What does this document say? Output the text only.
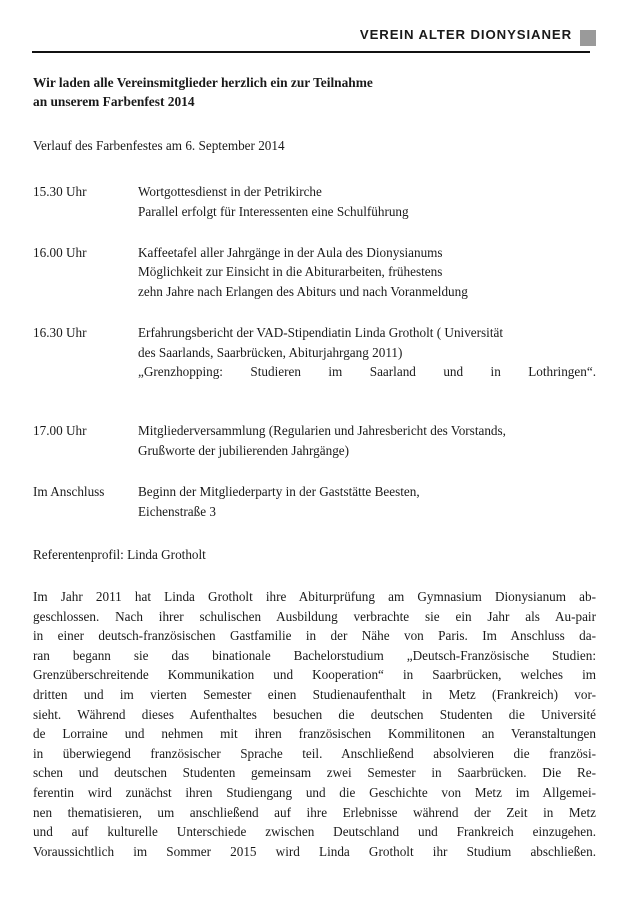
VEREIN ALTER DIONYSIANER
Wir laden alle Vereinsmitglieder herzlich ein zur Teilnahme
an unserem Farbenfest 2014
Verlauf des Farbenfestes am 6. September 2014
15.30 Uhr	Wortgottesdienst in der Petrikirche
Parallel erfolgt für Interessenten eine Schulführung
16.00 Uhr	Kaffeetafel aller Jahrgänge in der Aula des Dionysianums
Möglichkeit zur Einsicht in die Abiturarbeiten, frühestens
zehn Jahre nach Erlangen des Abiturs und nach Voranmeldung
16.30 Uhr	Erfahrungsbericht der VAD-Stipendiatin Linda Grotholt ( Universität
des Saarlands, Saarbrücken, Abiturjahrgang 2011)
„Grenzhopping: Studieren im Saarland und in Lothringen“.
17.00 Uhr	Mitgliederversammlung (Regularien und Jahresbericht des Vorstands,
Grußworte der jubilierenden Jahrgänge)
Im Anschluss	Beginn der Mitgliederparty in der Gaststätte Beesten,
Eichenstraße 3
Referentenprofil: Linda Grotholt
Im Jahr 2011 hat Linda Grotholt ihre Abiturprüfung am Gymnasium Dionysianum ab-
geschlossen. Nach ihrer schulischen Ausbildung verbrachte sie ein Jahr als Au-pair
in einer deutsch-französischen Gastfamilie in der Nähe von Paris. Im Anschluss da-
ran begann sie das binationale Bachelorstudium „Deutsch-Französische Studien:
Grenzüberschreitende Kommunikation und Kooperation“ in Saarbrücken, welches im
dritten und im vierten Semester einen Studienaufenthalt in Metz (Frankreich) vor-
sieht. Während dieses Aufenthaltes besuchen die deutschen Studenten die Université
de Lorraine und nehmen mit ihren französischen Kommilitonen an Veranstaltungen
in überwiegend französischer Sprache teil. Anschließend absolvieren die französi-
schen und deutschen Studenten gemeinsam zwei Semester in Saarbrücken. Die Re-
ferentin wird zunächst ihren Studiengang und die Geschichte von Metz im Allgemei-
nen thematisieren, um anschließend auf ihre Erlebnisse während der Zeit in Metz
und auf kulturelle Unterschiede zwischen Deutschland und Frankreich einzugehen.
Voraussichtlich im Sommer 2015 wird Linda Grotholt ihr Studium abschließen.
